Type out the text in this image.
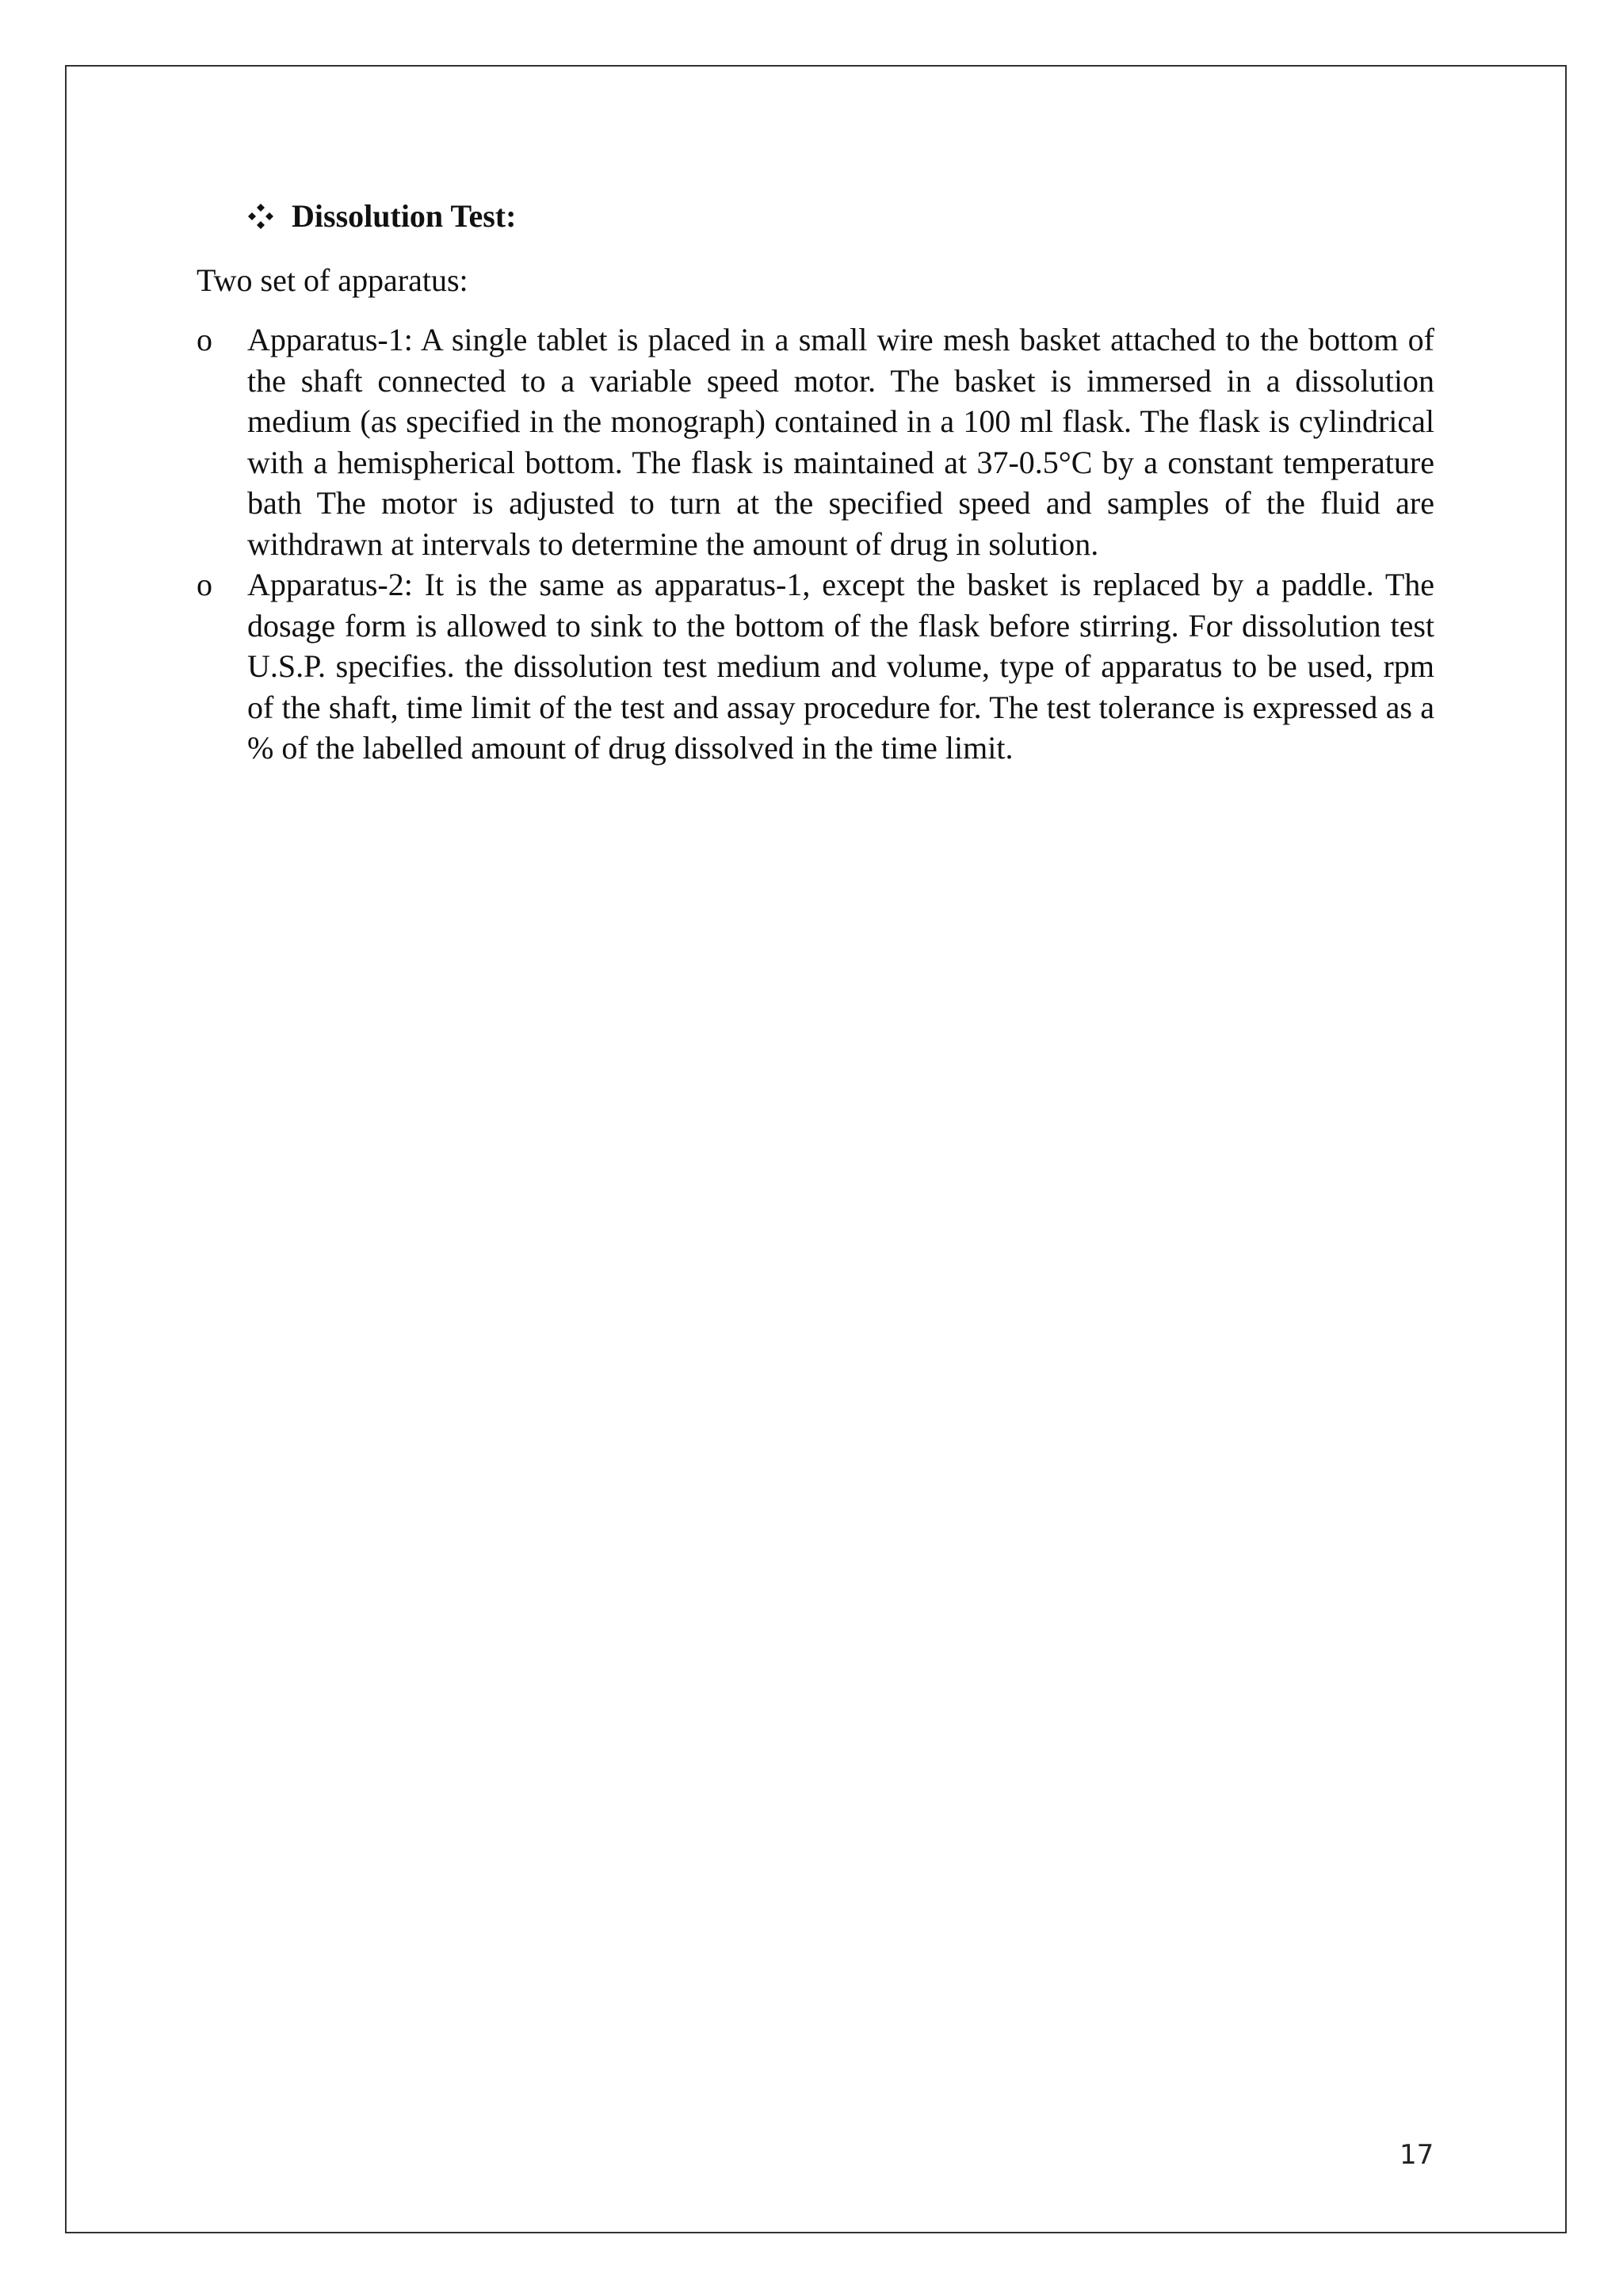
Dissolution Test:
Two set of apparatus:
o Apparatus-1: A single tablet is placed in a small wire mesh basket attached to the bottom of the shaft connected to a variable speed motor. The basket is immersed in a dissolution medium (as specified in the monograph) contained in a 100 ml flask. The flask is cylindrical with a hemispherical bottom. The flask is maintained at 37-0.5°C by a constant temperature bath The motor is adjusted to turn at the specified speed and samples of the fluid are withdrawn at intervals to determine the amount of drug in solution.
o Apparatus-2: It is the same as apparatus-1, except the basket is replaced by a paddle. The dosage form is allowed to sink to the bottom of the flask before stirring. For dissolution test U.S.P. specifies. the dissolution test medium and volume, type of apparatus to be used, rpm of the shaft, time limit of the test and assay procedure for. The test tolerance is expressed as a % of the labelled amount of drug dissolved in the time limit.
17
